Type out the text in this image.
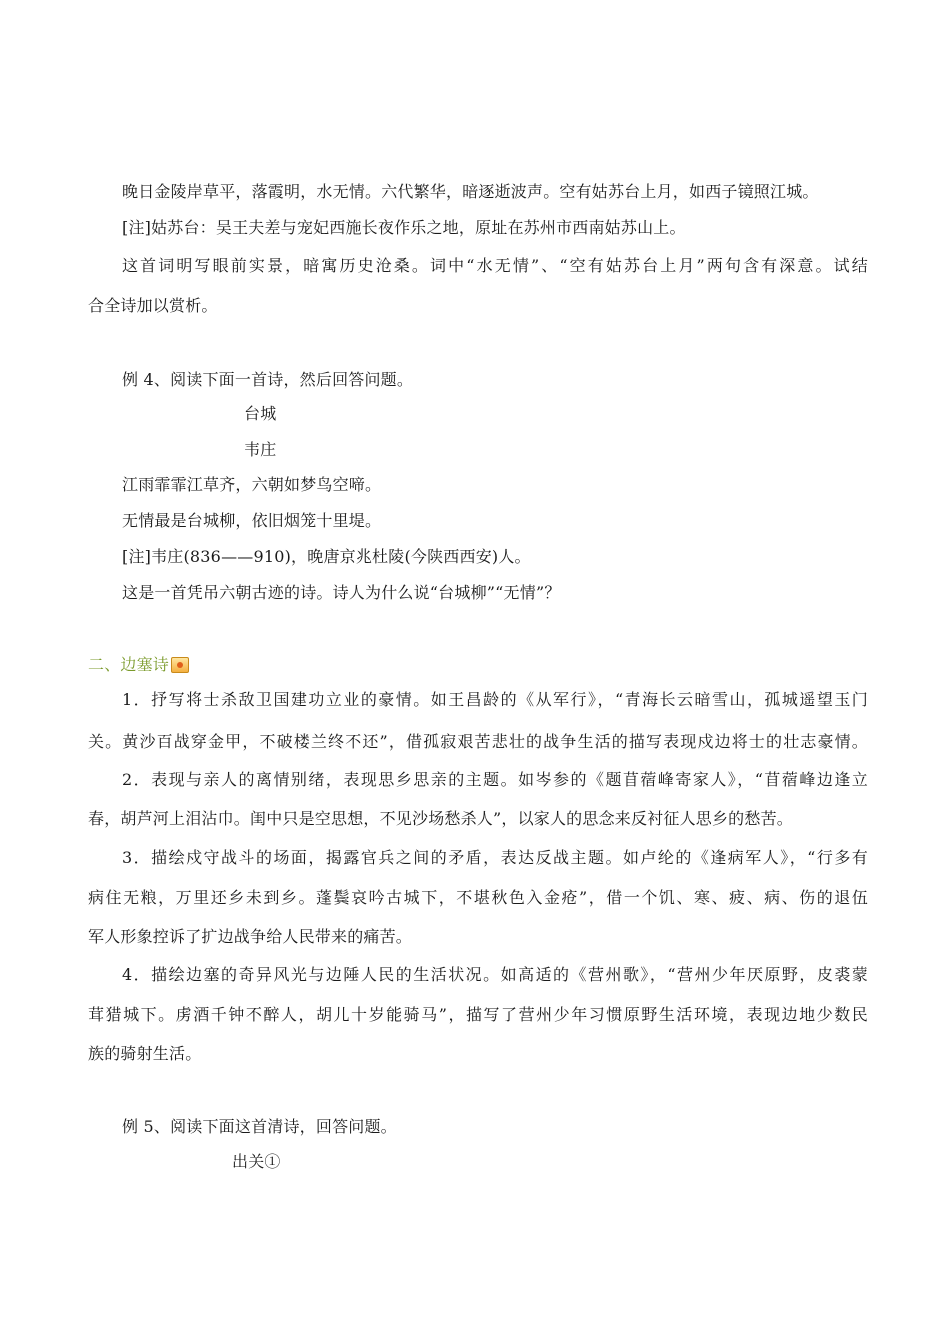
晚日金陵岸草平，落霞明，水无情。六代繁华，暗逐逝波声。空有姑苏台上月，如西子镜照江城。
[注]姑苏台：吴王夫差与宠妃西施长夜作乐之地，原址在苏州市西南姑苏山上。
这首词明写眼前实景，暗寓历史沧桑。词中“水无情”、“空有姑苏台上月”两句含有深意。试结
合全诗加以赏析。
例 4、阅读下面一首诗，然后回答问题。
台城
韦庄
江雨霏霏江草齐，六朝如梦鸟空啼。
无情最是台城柳，依旧烟笼十里堤。
[注]韦庄(836——910)，晚唐京兆杜陵(今陕西西安)人。
这是一首凭吊六朝古迹的诗。诗人为什么说“台城柳”“无情”？
二、边塞诗
1．抒写将士杀敌卫国建功立业的豪情。如王昌龄的《从军行》，“青海长云暗雪山，孤城遥望玉门
关。黄沙百战穿金甲，不破楼兰终不还”，借孤寂艰苦悲壮的战争生活的描写表现戍边将士的壮志豪情。
2．表现与亲人的离情别绪，表现思乡思亲的主题。如岑参的《题苜蓿峰寄家人》，“苜蓿峰边逢立
春，胡芦河上泪沾巾。闺中只是空思想，不见沙场愁杀人”，以家人的思念来反衬征人思乡的愁苦。
3．描绘戍守战斗的场面，揭露官兵之间的矛盾，表达反战主题。如卢纶的《逢病军人》，“行多有
病住无粮，万里还乡未到乡。蓬鬓哀吟古城下，不堪秋色入金疮”，借一个饥、寒、疲、病、伤的退伍
军人形象控诉了扩边战争给人民带来的痛苦。
4．描绘边塞的奇异风光与边陲人民的生活状况。如高适的《营州歌》，“营州少年厌原野，皮裘蒙
茸猎城下。虏酒千钟不醉人，胡儿十岁能骑马”，描写了营州少年习惯原野生活环境，表现边地少数民
族的骑射生活。
例 5、阅读下面这首清诗，回答问题。
出关①
